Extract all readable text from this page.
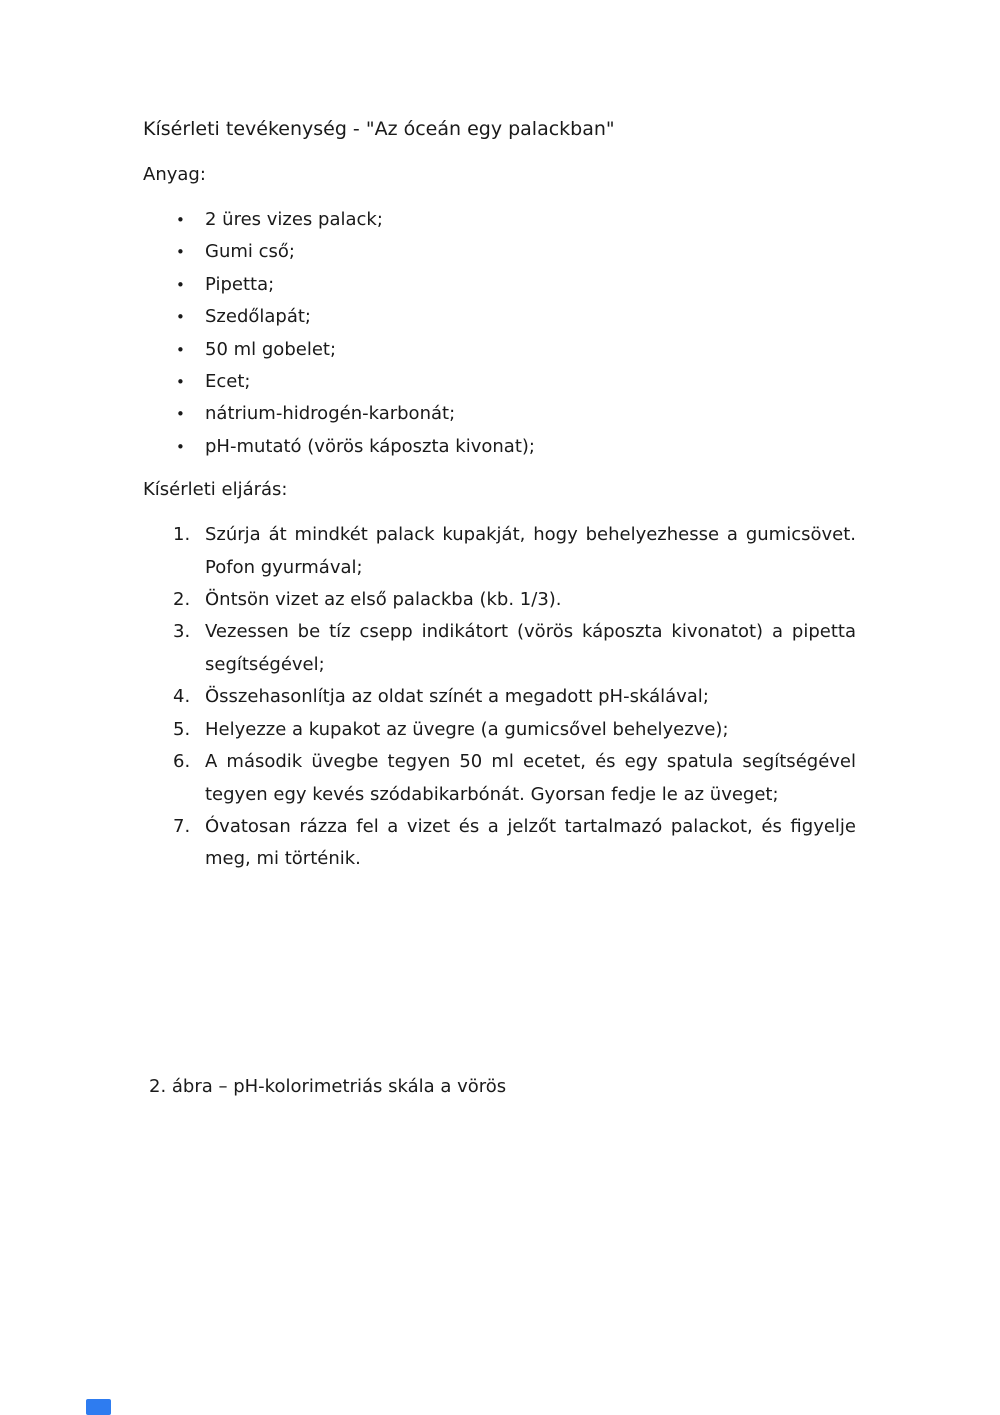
Kísérleti tevékenység - "Az óceán egy palackban"

Anyag:

• 2 üres vizes palack;
• Gumi cső;
• Pipetta;
• Szedőlapát;
• 50 ml gobelet;
• Ecet;
• nátrium-hidrogén-karbonát;
• pH-mutató (vörös káposzta kivonat);

Kísérleti eljárás:

1. Szúrja át mindkét palack kupakját, hogy behelyezhesse a gumicsövet. Pofon gyurmával;
2. Öntsön vizet az első palackba (kb. 1/3).
3. Vezessen be tíz csepp indikátort (vörös káposzta kivonatot) a pipetta segítségével;
4. Összehasonlítja az oldat színét a megadott pH-skálával;
5. Helyezze a kupakot az üvegre (a gumicsővel behelyezve);
6. A második üvegbe tegyen 50 ml ecetet, és egy spatula segítségével tegyen egy kevés szódabikarbónát. Gyorsan fedje le az üveget;
7. Óvatosan rázza fel a vizet és a jelzőt tartalmazó palackot, és figyelje meg, mi történik.

2. ábra – pH-kolorimetriás skála a vörös
